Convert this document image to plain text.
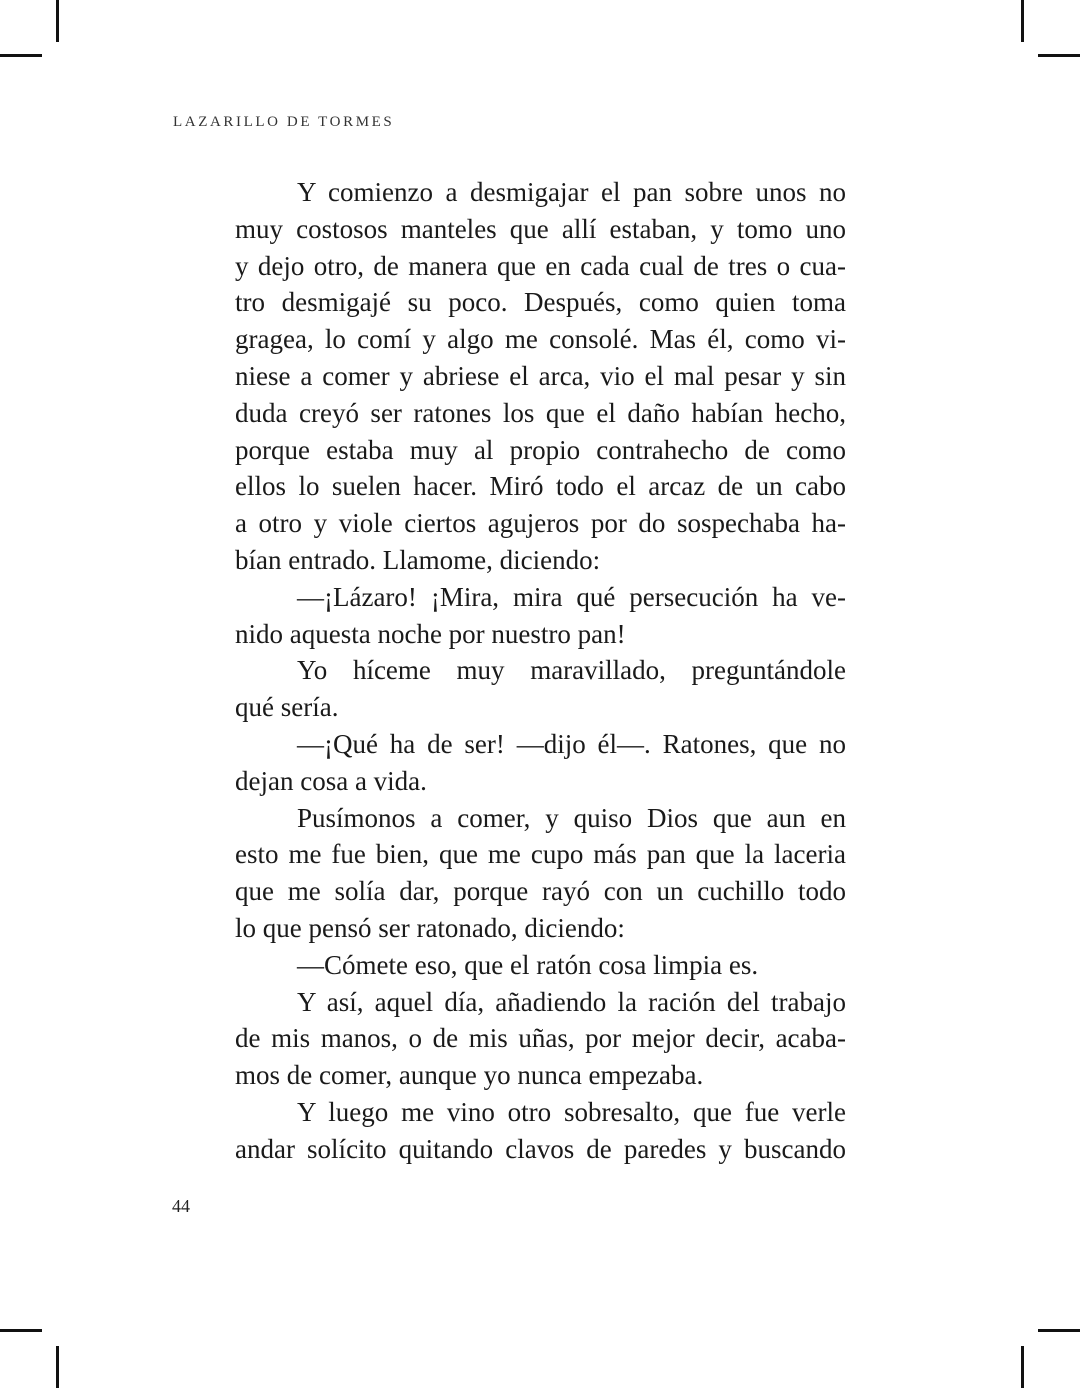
LAZARILLO DE TORMES
Y comienzo a desmigajar el pan sobre unos no
muy costosos manteles que allí estaban, y tomo uno
y dejo otro, de manera que en cada cual de tres o cua-
tro desmigajé su poco. Después, como quien toma
gragea, lo comí y algo me consolé. Mas él, como vi-
niese a comer y abriese el arca, vio el mal pesar y sin
duda creyó ser ratones los que el daño habían hecho,
porque estaba muy al propio contrahecho de como
ellos lo suelen hacer. Miró todo el arcaz de un cabo
a otro y viole ciertos agujeros por do sospechaba ha-
bían entrado. Llamome, diciendo:
—¡Lázaro! ¡Mira, mira qué persecución ha ve-
nido aquesta noche por nuestro pan!
Yo híceme muy maravillado, preguntándole
qué sería.
—¡Qué ha de ser! —dijo él—. Ratones, que no
dejan cosa a vida.
Pusímonos a comer, y quiso Dios que aun en
esto me fue bien, que me cupo más pan que la laceria
que me solía dar, porque rayó con un cuchillo todo
lo que pensó ser ratonado, diciendo:
—Cómete eso, que el ratón cosa limpia es.
Y así, aquel día, añadiendo la ración del trabajo
de mis manos, o de mis uñas, por mejor decir, acaba-
mos de comer, aunque yo nunca empezaba.
Y luego me vino otro sobresalto, que fue verle
andar solícito quitando clavos de paredes y buscando
44
